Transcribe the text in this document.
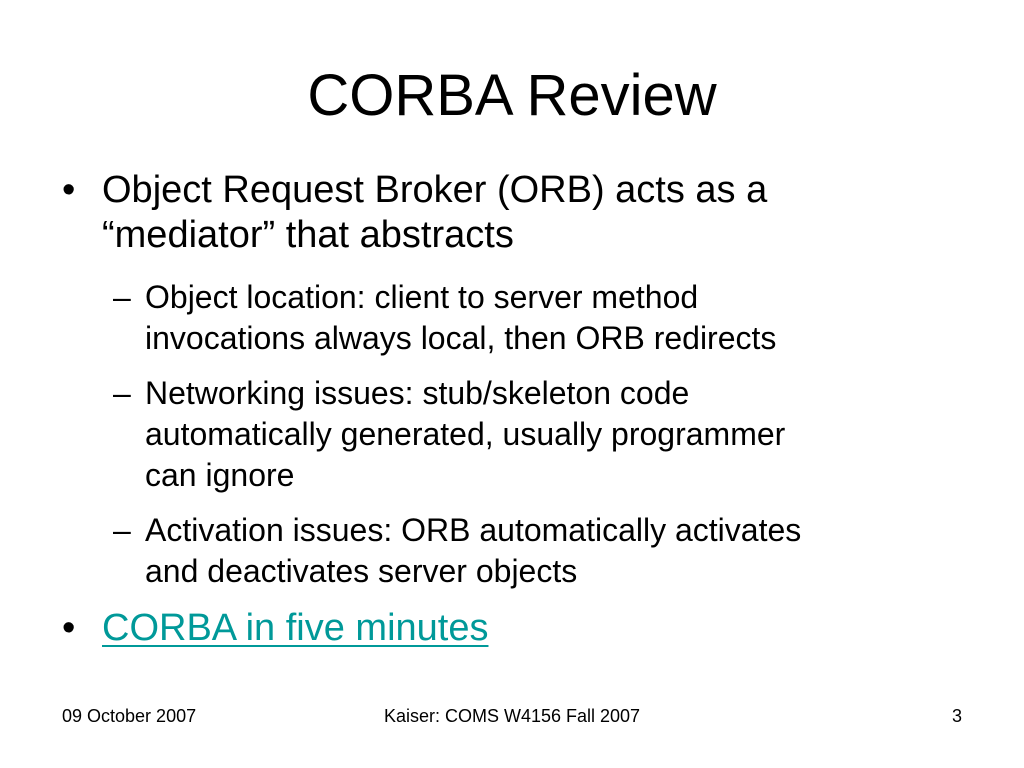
CORBA Review
• Object Request Broker (ORB) acts as a
“mediator” that abstracts
– Object location: client to server method
invocations always local, then ORB redirects
– Networking issues: stub/skeleton code
automatically generated, usually programmer
can ignore
– Activation issues: ORB automatically activates
and deactivates server objects
• CORBA in five minutes
09 October 2007	Kaiser: COMS W4156 Fall 2007	3
